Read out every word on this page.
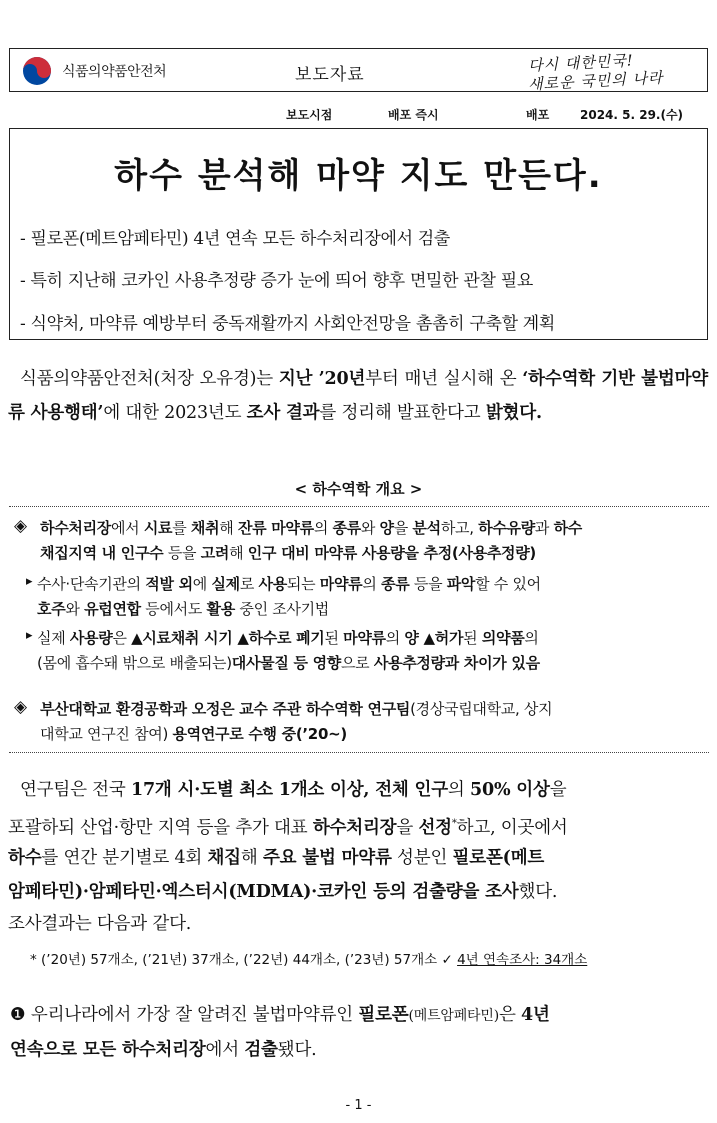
식품의약품안전처	보도자료
다시 대한민국!
새로운 국민의 나라
보도시점	배포 즉시	배포	2024. 5. 29.(수)
하수 분석해 마약 지도 만든다.
- 필로폰(메트암페타민) 4년 연속 모든 하수처리장에서 검출
- 특히 지난해 코카인 사용추정량 증가 눈에 띄어 향후 면밀한 관찰 필요
- 식약처, 마약류 예방부터 중독재활까지 사회안전망을 촘촘히 구축할 계획
식품의약품안전처(처장 오유경)는 지난 ’20년부터 매년 실시해 온 ‘하수역학 기반 불법마약류 사용행태’에 대한 2023년도 조사 결과를 정리해 발표한다고 밝혔다.
< 하수역학 개요 >
◈ 하수처리장에서 시료를 채취해 잔류 마약류의 종류와 양을 분석하고, 하수유량과 하수
채집지역 내 인구수 등을 고려해 인구 대비 마약류 사용량을 추정(사용추정량)
▸ 수사·단속기관의 적발 외에 실제로 사용되는 마약류의 종류 등을 파악할 수 있어
호주와 유럽연합 등에서도 활용 중인 조사기법
▸ 실제 사용량은 ▲시료채취 시기 ▲하수로 폐기된 마약류의 양 ▲허가된 의약품의
(몸에 흡수돼 밖으로 배출되는)대사물질 등 영향으로 사용추정량과 차이가 있음
◈ 부산대학교 환경공학과 오정은 교수 주관 하수역학 연구팀(경상국립대학교, 상지
대학교 연구진 참여) 용역연구로 수행 중(’20~)
연구팀은 전국 17개 시·도별 최소 1개소 이상, 전체 인구의 50% 이상을
포괄하되 산업·항만 지역 등을 추가 대표 하수처리장을 선정*하고, 이곳에서
하수를 연간 분기별로 4회 채집해 주요 불법 마약류 성분인 필로폰(메트
암페타민)·암페타민·엑스터시(MDMA)·코카인 등의 검출량을 조사했다.
조사결과는 다음과 같다.
* (’20년) 57개소, (’21년) 37개소, (’22년) 44개소, (’23년) 57개소 ✓ 4년 연속조사: 34개소
❶ 우리나라에서 가장 잘 알려진 불법마약류인 필로폰(메트암페타민)은 4년
연속으로 모든 하수처리장에서 검출됐다.
- 1 -
